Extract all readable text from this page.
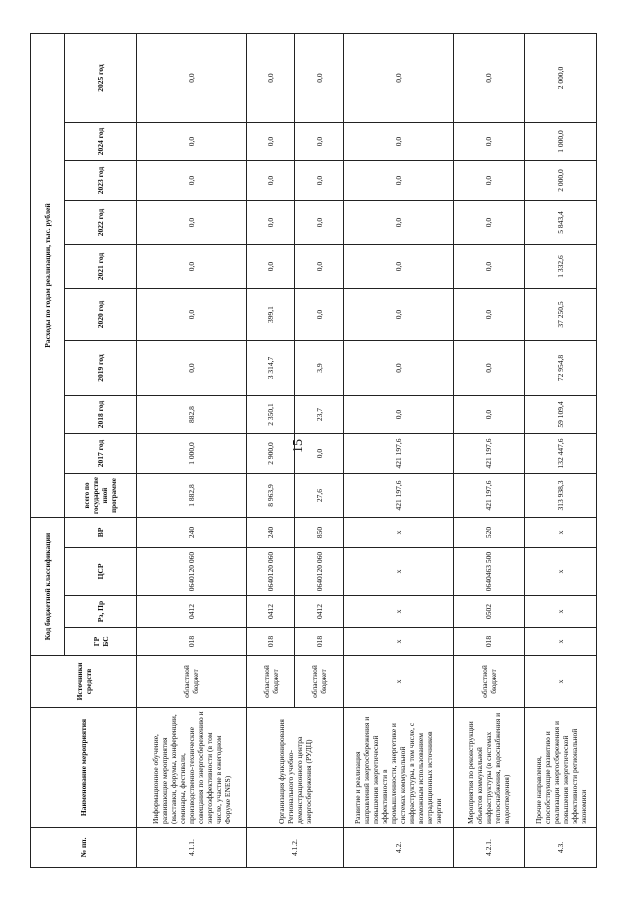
15
№ пп.	Наименование мероприятия	Источники средств	Код бюджетной классификации				Расходы по годам реализации, тыс. рублей									
			ГР БС	Рз, Пр	ЦСР	ВР	всего по государственной программе	2017 год	2018 год	2019 год	2020 год	2021 год	2022 год	2023 год	2024 год	2025 год
4.1.1.	Информационное обучение, развивающие мероприятия (выставки, форумы, конференции, семинары, фестивали, производственно-технические совещания по энергосбережению и энергоэффективности (в том числе, участие в ежегодном Форуме ENES)	областной бюджет	018	0412	0640120 060	240	1 882,8	1 000,0	882,8	0,0	0,0	0,0	0,0	0,0	0,0	0,0
4.1.2.	Организация функционирования Регионального учебно-демонстрационного центра энергосбережения (РУДЦ)	областной бюджет	018	0412	0640120 060	240	8 963,9	2 900,0	2 350,1	3 314,7	399,1	0,0	0,0	0,0	0,0	0,0
		областной бюджет	018	0412	0640120 060	850	27,6	0,0	23,7	3,9	0,0	0,0	0,0	0,0	0,0	0,0
4.2.	Развитие и реализация направлений энергосбережения и повышения энергетической эффективности в промышленности, энергетике и системах коммунальной инфраструктуры, в том числе, с возможным использованием нетрадиционных источников энергии	х	х	х	х	х	421 197,6	421 197,6	0,0	0,0	0,0	0,0	0,0	0,0	0,0	0,0
4.2.1.	Мероприятия по реконструкции объектов коммунальной инфраструктуры (в системах теплоснабжения, водоснабжения и водоотведения)	областной бюджет	018	0502	0640463 500	520	421 197,6	421 197,6	0,0	0,0	0,0	0,0	0,0	0,0	0,0	0,0
4.3.	Прочие направления, способствующие развитию и реализации энергосбережения и повышения энергетической эффективности региональной экономики	х	х	х	х	х	313 938,3	132 447,6	59 109,4	72 954,8	37 250,5	1 332,6	5 843,4	2 000,0	1 000,0	2 000,0
